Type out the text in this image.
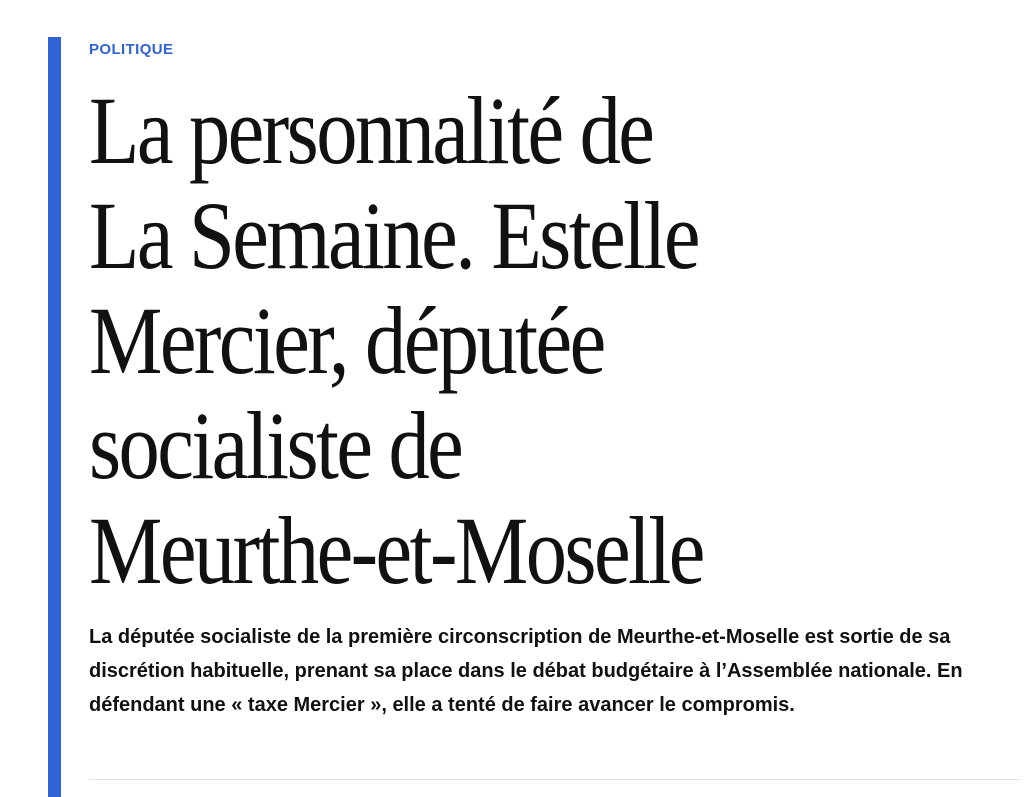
POLITIQUE
La personnalité de
La Semaine. Estelle
Mercier, députée
socialiste de
Meurthe-et-Moselle

La députée socialiste de la première circonscription de Meurthe-et-Moselle est sortie de sa discrétion habituelle, prenant sa place dans le débat budgétaire à l’Assemblée nationale. En défendant une « taxe Mercier », elle a tenté de faire avancer le compromis.
